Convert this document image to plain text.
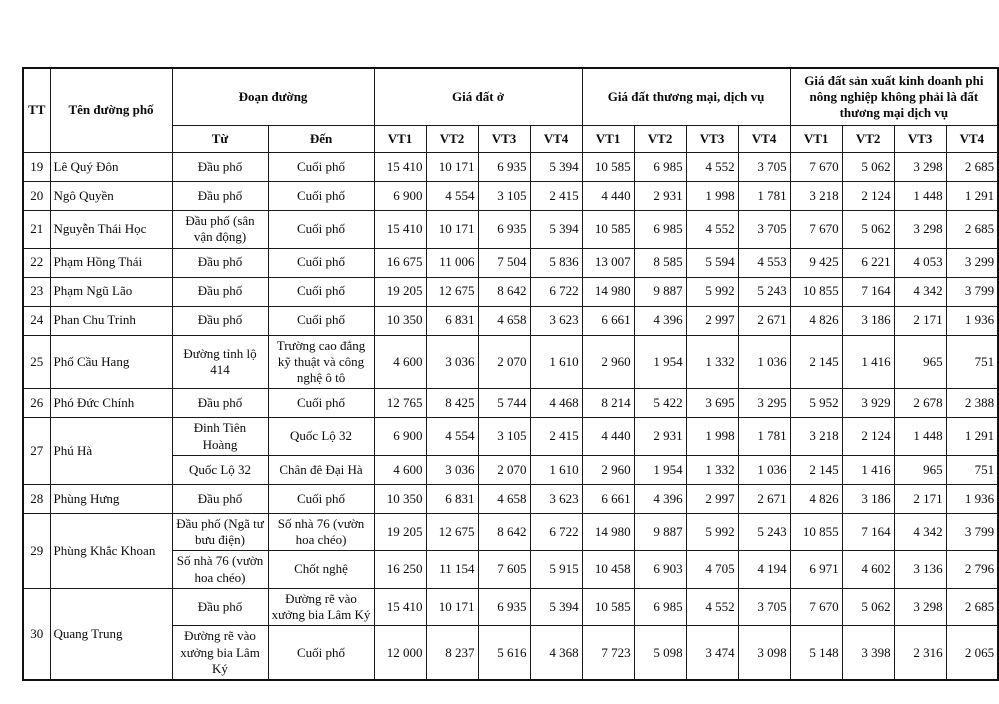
TT	Tên đường phố	Đoạn đường		Giá đất ở				Giá đất thương mại, dịch vụ				Giá đất sản xuất kinh doanh phi nông nghiệp không phải là đất thương mại dịch vụ			
		Từ	Đến	VT1	VT2	VT3	VT4	VT1	VT2	VT3	VT4	VT1	VT2	VT3	VT4
19	Lê Quý Đôn	Đầu phố	Cuối phố	15 410	10 171	6 935	5 394	10 585	6 985	4 552	3 705	7 670	5 062	3 298	2 685
20	Ngô Quyền	Đầu phố	Cuối phố	6 900	4 554	3 105	2 415	4 440	2 931	1 998	1 781	3 218	2 124	1 448	1 291
21	Nguyễn Thái Học	Đầu phố (sân vận động)	Cuối phố	15 410	10 171	6 935	5 394	10 585	6 985	4 552	3 705	7 670	5 062	3 298	2 685
22	Phạm Hồng Thái	Đầu phố	Cuối phố	16 675	11 006	7 504	5 836	13 007	8 585	5 594	4 553	9 425	6 221	4 053	3 299
23	Phạm Ngũ Lão	Đầu phố	Cuối phố	19 205	12 675	8 642	6 722	14 980	9 887	5 992	5 243	10 855	7 164	4 342	3 799
24	Phan Chu Trinh	Đầu phố	Cuối phố	10 350	6 831	4 658	3 623	6 661	4 396	2 997	2 671	4 826	3 186	2 171	1 936
25	Phố Cầu Hang	Đường tỉnh lộ 414	Trường cao đẳng kỹ thuật và công nghệ ô tô	4 600	3 036	2 070	1 610	2 960	1 954	1 332	1 036	2 145	1 416	965	751
26	Phó Đức Chính	Đầu phố	Cuối phố	12 765	8 425	5 744	4 468	8 214	5 422	3 695	3 295	5 952	3 929	2 678	2 388
27	Phú Hà	Đinh Tiên Hoàng	Quốc Lộ 32	6 900	4 554	3 105	2 415	4 440	2 931	1 998	1 781	3 218	2 124	1 448	1 291
		Quốc Lộ 32	Chân đê Đại Hà	4 600	3 036	2 070	1 610	2 960	1 954	1 332	1 036	2 145	1 416	965	751
28	Phùng Hưng	Đầu phố	Cuối phố	10 350	6 831	4 658	3 623	6 661	4 396	2 997	2 671	4 826	3 186	2 171	1 936
29	Phùng Khắc Khoan	Đầu phố (Ngã tư bưu điện)	Số nhà 76 (vườn hoa chéo)	19 205	12 675	8 642	6 722	14 980	9 887	5 992	5 243	10 855	7 164	4 342	3 799
		Số nhà 76 (vườn hoa chéo)	Chốt nghệ	16 250	11 154	7 605	5 915	10 458	6 903	4 705	4 194	6 971	4 602	3 136	2 796
30	Quang Trung	Đầu phố	Đường rẽ vào xưởng bia Lâm Ký	15 410	10 171	6 935	5 394	10 585	6 985	4 552	3 705	7 670	5 062	3 298	2 685
		Đường rẽ vào xưởng bia Lâm Ký	Cuối phố	12 000	8 237	5 616	4 368	7 723	5 098	3 474	3 098	5 148	3 398	2 316	2 065
